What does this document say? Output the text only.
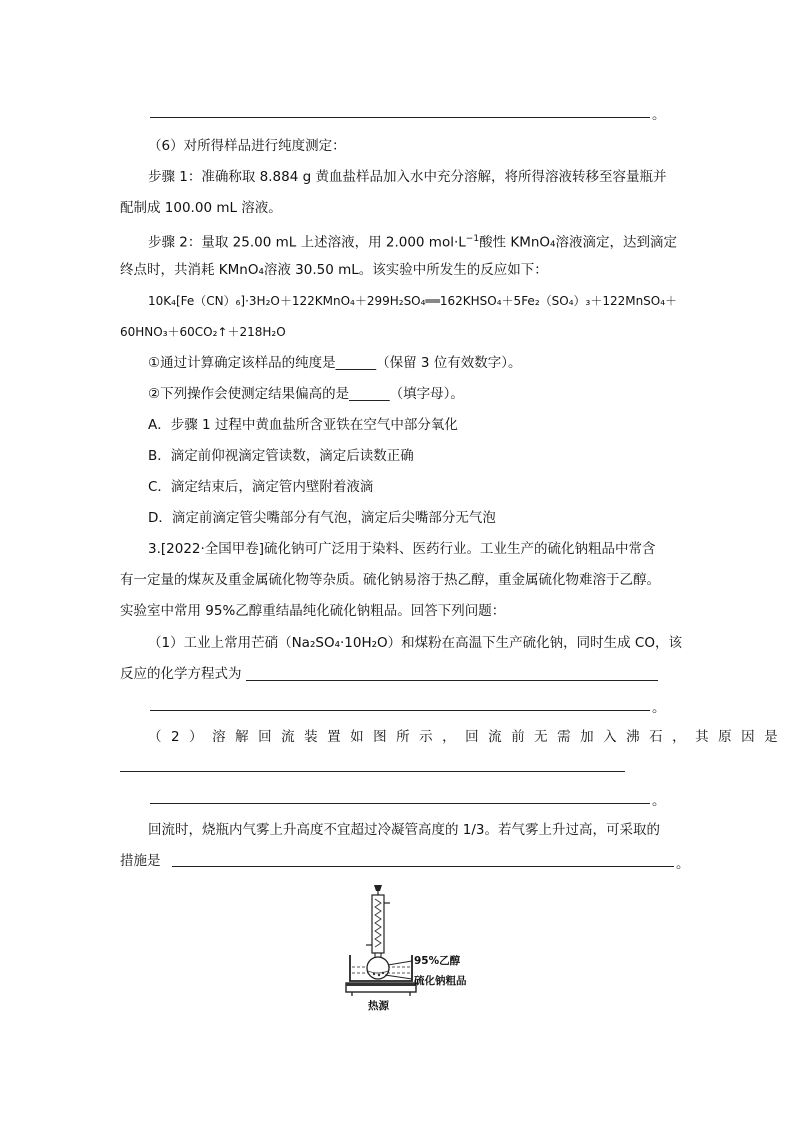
。
（6）对所得样品进行纯度测定：
步骤 1：准确称取 8.884 g 黄血盐样品加入水中充分溶解，将所得溶液转移至容量瓶并
配制成 100.00 mL 溶液。
步骤 2：量取 25.00 mL 上述溶液，用 2.000 $mol\cdot L^{-1}$酸性 KMnO₄溶液滴定，达到滴定
终点时，共消耗 KMnO₄溶液 30.50 mL。该实验中所发生的反应如下：
10K₄[Fe（CN）₆]·3H₂O＋122KMnO₄＋299H₂SO₄══162KHSO₄＋5Fe₂（SO₄）₃＋122MnSO₄＋
60HNO₃＋60CO₂↑＋218H₂O
①通过计算确定该样品的纯度是______（保留 3 位有效数字）。
②下列操作会使测定结果偏高的是______（填字母）。
A．步骤 1 过程中黄血盐所含亚铁在空气中部分氧化
B．滴定前仰视滴定管读数，滴定后读数正确
C．滴定结束后，滴定管内壁附着液滴
D．滴定前滴定管尖嘴部分有气泡，滴定后尖嘴部分无气泡
3.[2022·全国甲卷]硫化钠可广泛用于染料、医药行业。工业生产的硫化钠粗品中常含
有一定量的煤灰及重金属硫化物等杂质。硫化钠易溶于热乙醇，重金属硫化物难溶于乙醇。
实验室中常用 95%乙醇重结晶纯化硫化钠粗品。回答下列问题：
（1）工业上常用芒硝（Na₂SO₄·10H₂O）和煤粉在高温下生产硫化钠，同时生成 CO，该
反应的化学方程式为
。
（2）溶解回流装置如图所示，回流前无需加入沸石，其原因是
。
回流时，烧瓶内气雾上升高度不宜超过冷凝管高度的 1/3。若气雾上升过高，可采取的
措施是	。
95%乙醇
硫化钠粗品
热源
